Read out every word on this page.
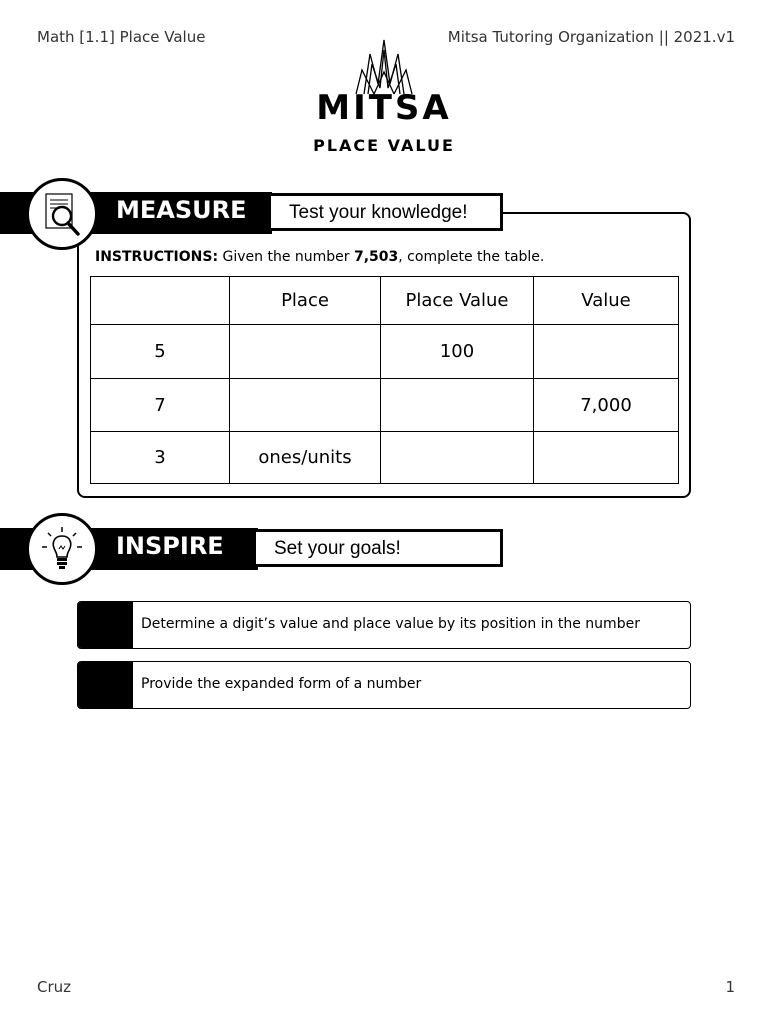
Math [1.1] Place Value	Mitsa Tutoring Organization || 2021.v1
MITSA
PLACE VALUE
MEASURE	Test your knowledge!
INSTRUCTIONS: Given the number 7,503, complete the table.
	Place	Place Value	Value
5		100	
7			7,000
3	ones/units		
INSPIRE	Set your goals!
Determine a digit’s value and place value by its position in the number
Provide the expanded form of a number
Cruz	1
